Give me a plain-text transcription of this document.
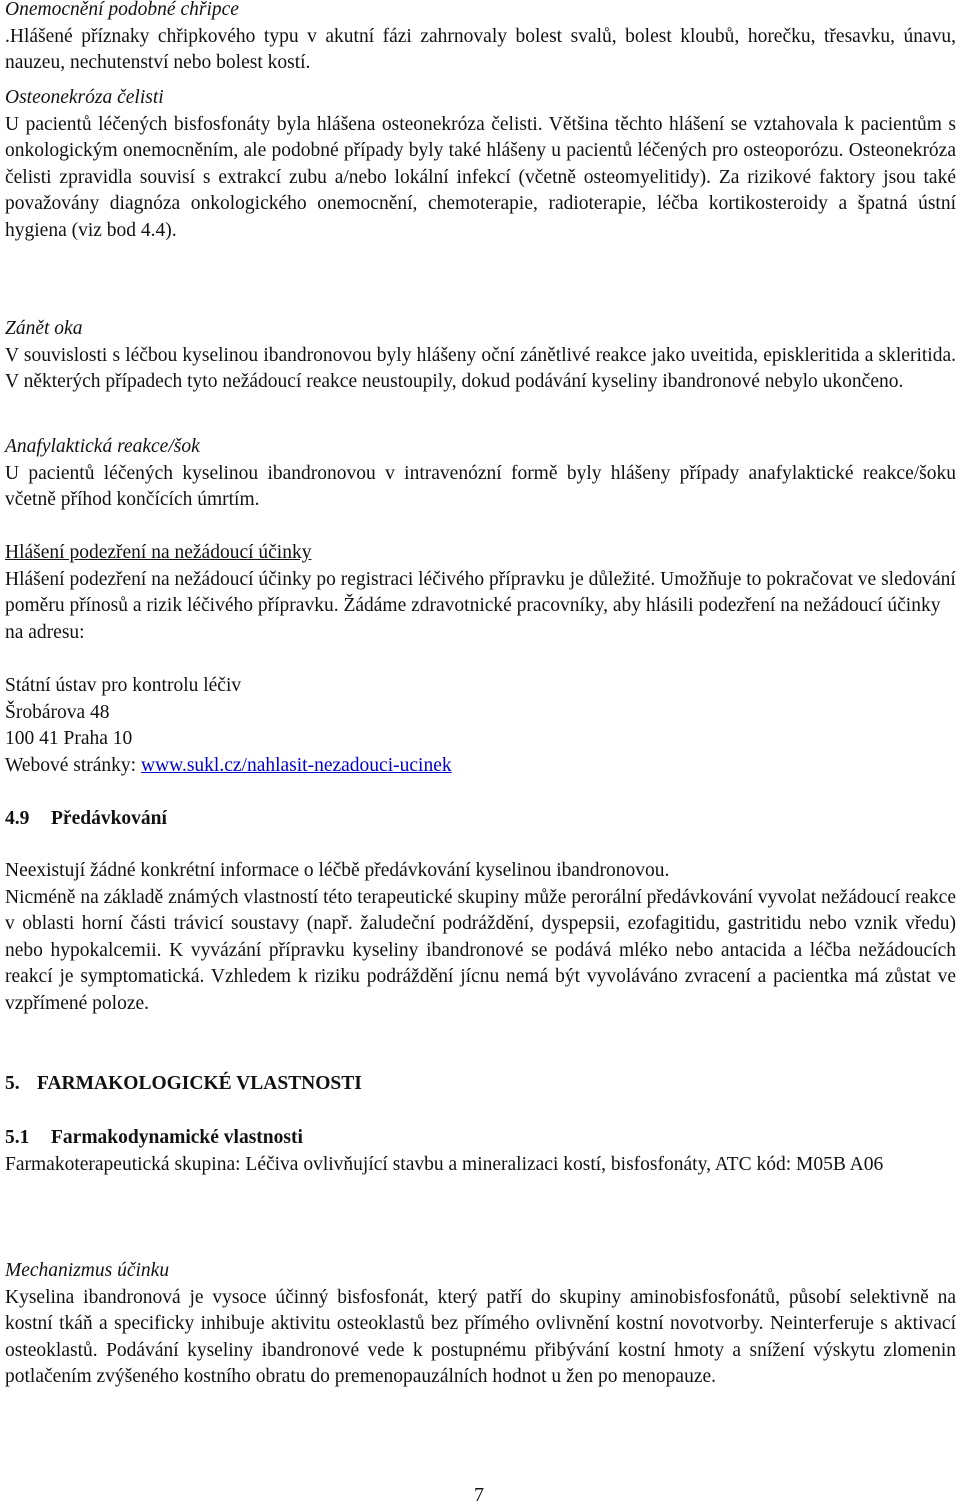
Onemocnění podobné chřipce

.Hlášené příznaky chřipkového typu v akutní fázi zahrnovaly bolest svalů, bolest kloubů, horečku, třesavku, únavu, nauzeu, nechutenství nebo bolest kostí.

Osteonekróza čelisti

U pacientů léčených bisfosfonáty byla hlášena osteonekróza čelisti. Většina těchto hlášení se vztahovala k pacientům s onkologickým onemocněním, ale podobné případy byly také hlášeny u pacientů léčených pro osteoporózu. Osteonekróza čelisti zpravidla souvisí s extrakcí zubu a/nebo lokální infekcí (včetně osteomyelitidy). Za rizikové faktory jsou také považovány diagnóza onkologického onemocnění, chemoterapie, radioterapie, léčba kortikosteroidy a špatná ústní hygiena (viz bod 4.4).

Zánět oka

V souvislosti s léčbou kyselinou ibandronovou byly hlášeny oční zánětlivé reakce jako uveitida, episkleritida a skleritida. V některých případech tyto nežádoucí reakce neustoupily, dokud podávání kyseliny ibandronové nebylo ukončeno.

Anafylaktická reakce/šok

U pacientů léčených kyselinou ibandronovou v intravenózní formě byly hlášeny případy anafylaktické reakce/šoku včetně příhod končících úmrtím.

Hlášení podezření na nežádoucí účinky

Hlášení podezření na nežádoucí účinky po registraci léčivého přípravku je důležité. Umožňuje to pokračovat ve sledování poměru přínosů a rizik léčivého přípravku. Žádáme zdravotnické pracovníky, aby hlásili podezření na nežádoucí účinky na adresu:

Státní ústav pro kontrolu léčiv

Šrobárova 48

100 41 Praha 10

Webové stránky: www.sukl.cz/nahlasit-nezadouci-ucinek

4.9 Předávkování

Neexistují žádné konkrétní informace o léčbě předávkování kyselinou ibandronovou.

Nicméně na základě známých vlastností této terapeutické skupiny může perorální předávkování vyvolat nežádoucí reakce v oblasti horní části trávicí soustavy (např. žaludeční podráždění, dyspepsii, ezofagitidu, gastritidu nebo vznik vředu) nebo hypokalcemii. K vyvázání přípravku kyseliny ibandronové se podává mléko nebo antacida a léčba nežádoucích reakcí je symptomatická. Vzhledem k riziku podráždění jícnu nemá být vyvoláváno zvracení a pacientka má zůstat ve vzpřímené poloze.

5. FARMAKOLOGICKÉ VLASTNOSTI

5.1 Farmakodynamické vlastnosti

Farmakoterapeutická skupina: Léčiva ovlivňující stavbu a mineralizaci kostí, bisfosfonáty, ATC kód: M05B A06

Mechanizmus účinku

Kyselina ibandronová je vysoce účinný bisfosfonát, který patří do skupiny aminobisfosfonátů, působí selektivně na kostní tkáň a specificky inhibuje aktivitu osteoklastů bez přímého ovlivnění kostní novotvorby. Neinterferuje s aktivací osteoklastů. Podávání kyseliny ibandronové vede k postupnému přibývání kostní hmoty a snížení výskytu zlomenin potlačením zvýšeného kostního obratu do premenopauzálních hodnot u žen po menopauze.

7
